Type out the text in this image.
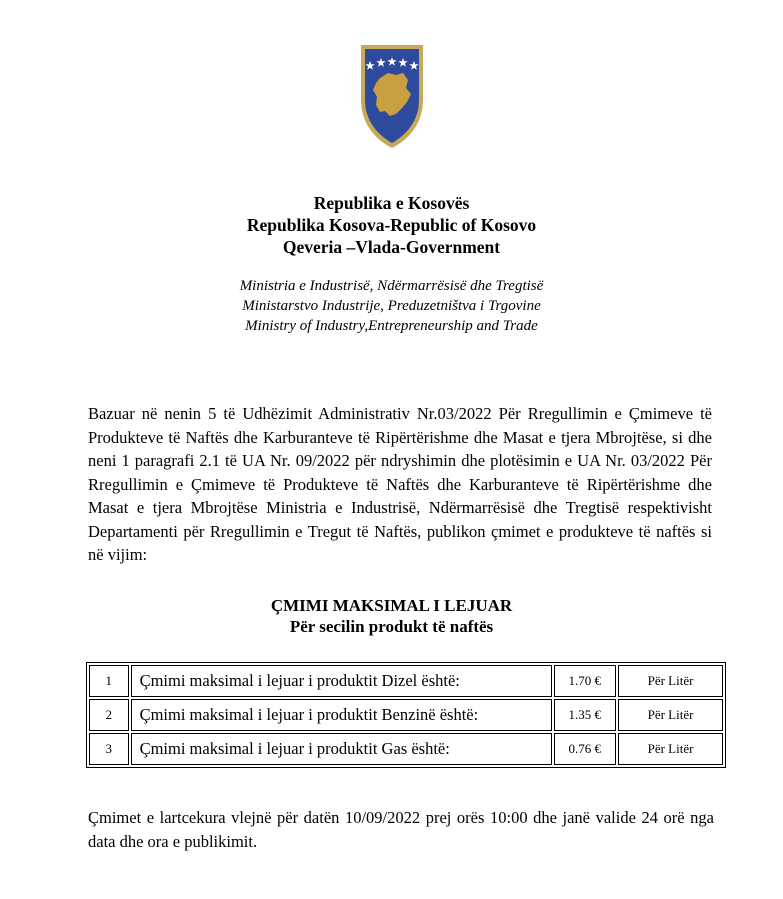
Republika e Kosovës
Republika Kosova-Republic of Kosovo
Qeveria –Vlada-Government
Ministria e Industrisë, Ndërmarrësisë dhe Tregtisë
Ministarstvo Industrije, Preduzetništva i Trgovine
Ministry of Industry,Entrepreneurship and Trade
Bazuar në nenin 5 të Udhëzimit Administrativ Nr.03/2022 Për Rregullimin e Çmimeve të Produkteve të Naftës dhe Karburanteve të Ripërtërishme dhe Masat e tjera Mbrojtëse, si dhe neni 1 paragrafi 2.1 të UA Nr. 09/2022 për ndryshimin dhe plotësimin e UA Nr. 03/2022 Për Rregullimin e Çmimeve të Produkteve të Naftës dhe Karburanteve të Ripërtërishme dhe Masat e tjera Mbrojtëse Ministria e Industrisë, Ndërmarrësisë dhe Tregtisë respektivisht Departamenti për Rregullimin e Tregut të Naftës, publikon çmimet e produkteve të naftës si në vijim:
ÇMIMI MAKSIMAL I LEJUAR
Për secilin produkt të naftës
1	Çmimi maksimal i lejuar i produktit Dizel është:	1.70 €	Për Litër
2	Çmimi maksimal i lejuar i produktit Benzinë është:	1.35 €	Për Litër
3	Çmimi maksimal i lejuar i produktit Gas është:	0.76 €	Për Litër
Çmimet e lartcekura vlejnë për datën 10/09/2022 prej orës 10:00 dhe janë valide 24 orë nga data dhe ora e publikimit.
